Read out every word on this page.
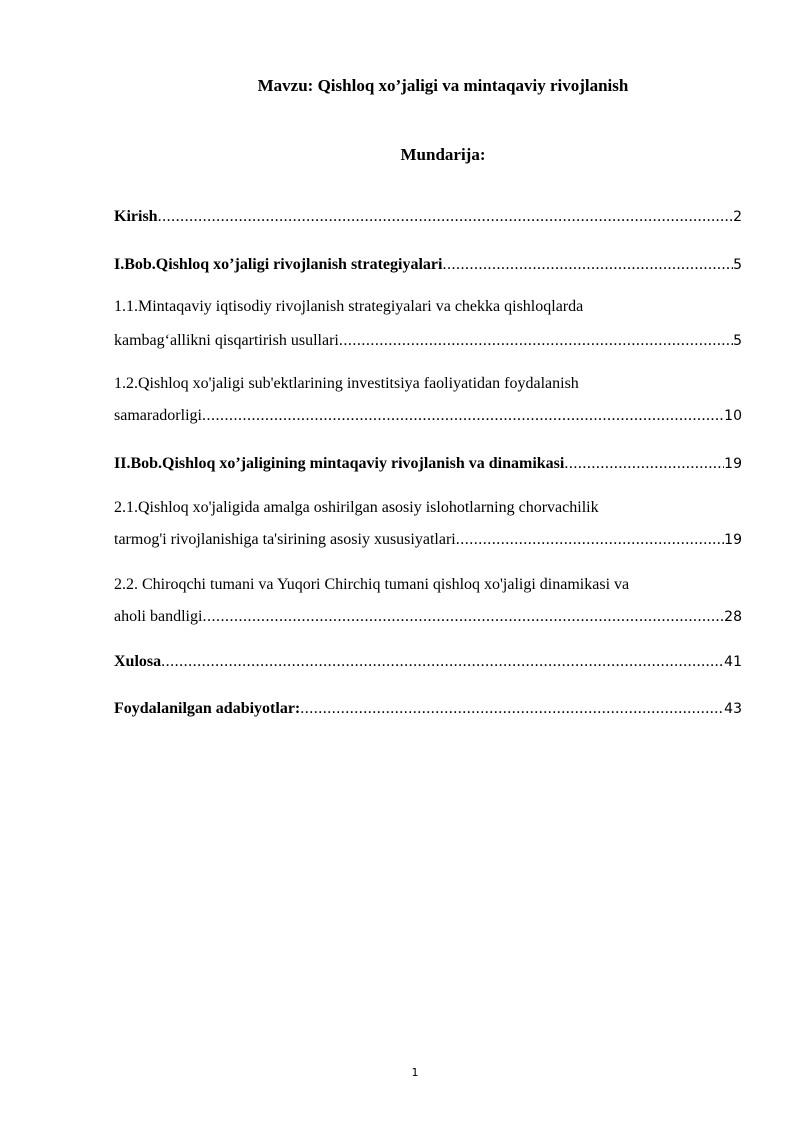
Mavzu: Qishloq xo’jaligi va mintaqaviy rivojlanish
Mundarija:
Kirish .....	2
I.Bob.Qishloq xo’jaligi rivojlanish strategiyalari .....	5
1.1.Mintaqaviy iqtisodiy rivojlanish strategiyalari va chekka qishloqlarda
kambag‘allikni qisqartirish usullari .....	5
1.2.Qishloq xo'jaligi sub'ektlarining investitsiya faoliyatidan foydalanish
samaradorligi .....	10
II.Bob.Qishloq xo’jaligining mintaqaviy rivojlanish va dinamikasi .....	19
2.1.Qishloq xo'jaligida amalga oshirilgan asosiy islohotlarning chorvachilik
tarmog'i rivojlanishiga ta'sirining asosiy xususiyatlari .....	19
2.2. Chiroqchi tumani va Yuqori Chirchiq tumani qishloq xo'jaligi dinamikasi va
aholi bandligi .....	28
Xulosa .....	41
Foydalanilgan adabiyotlar: .....	43
1
